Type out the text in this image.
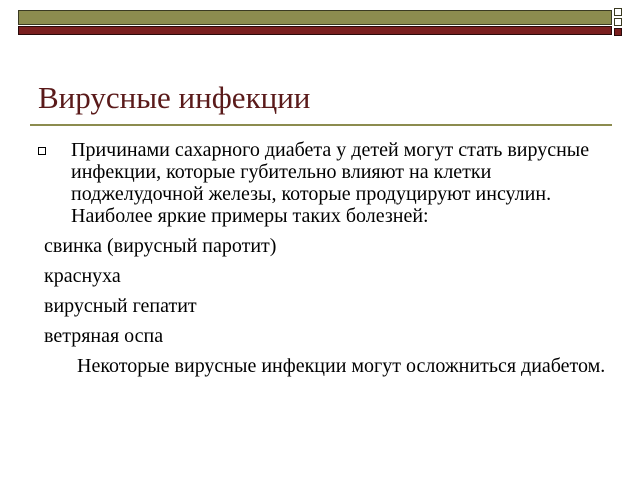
Вирусные инфекции
Причинами сахарного диабета у детей могут стать вирусные инфекции, которые губительно влияют на клетки поджелудочной железы, которые продуцируют инсулин. Наиболее яркие примеры таких болезней:
свинка (вирусный паротит)
краснуха
вирусный гепатит
ветряная оспа
Некоторые вирусные инфекции могут осложниться диабетом.
